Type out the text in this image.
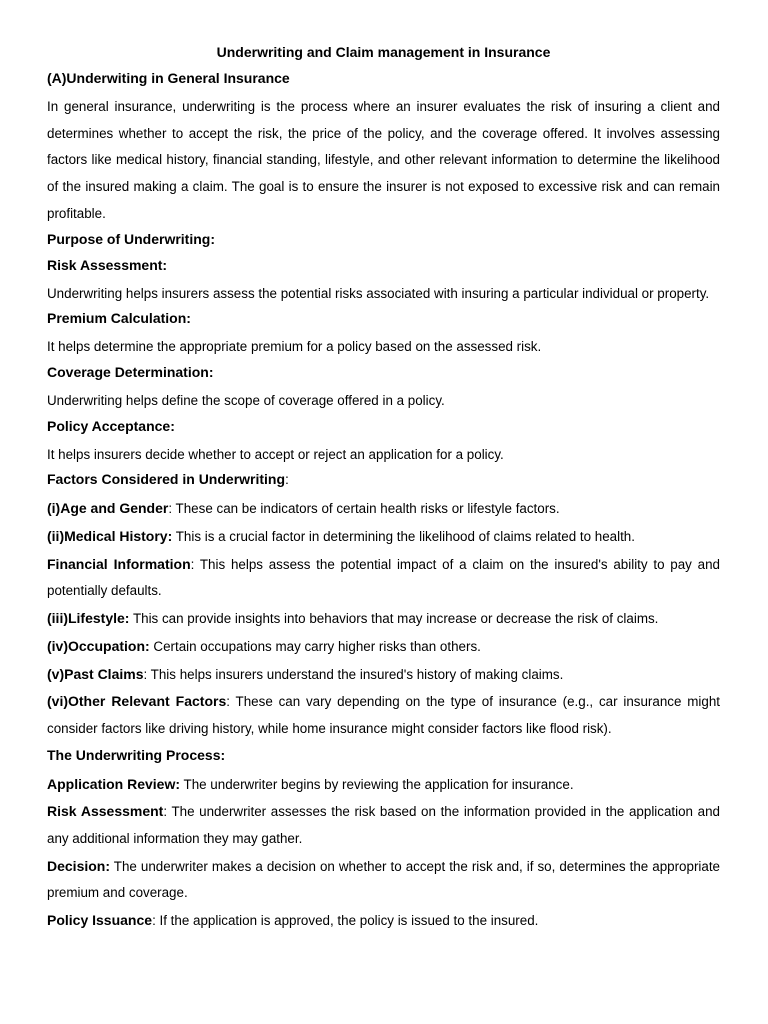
Underwriting and Claim management in Insurance
(A)Underwiting in General Insurance
In general insurance, underwriting is the process where an insurer evaluates the risk of insuring a client and determines whether to accept the risk, the price of the policy, and the coverage offered. It involves assessing factors like medical history, financial standing, lifestyle, and other relevant information to determine the likelihood of the insured making a claim. The goal is to ensure the insurer is not exposed to excessive risk and can remain profitable.
Purpose of Underwriting:
Risk Assessment:
Underwriting helps insurers assess the potential risks associated with insuring a particular individual or property.
Premium Calculation:
It helps determine the appropriate premium for a policy based on the assessed risk.
Coverage Determination:
Underwriting helps define the scope of coverage offered in a policy.
Policy Acceptance:
It helps insurers decide whether to accept or reject an application for a policy.
Factors Considered in Underwriting:
(i)Age and Gender: These can be indicators of certain health risks or lifestyle factors.
(ii)Medical History: This is a crucial factor in determining the likelihood of claims related to health.
Financial Information: This helps assess the potential impact of a claim on the insured's ability to pay and potentially defaults.
(iii)Lifestyle: This can provide insights into behaviors that may increase or decrease the risk of claims.
(iv)Occupation: Certain occupations may carry higher risks than others.
(v)Past Claims: This helps insurers understand the insured's history of making claims.
(vi)Other Relevant Factors: These can vary depending on the type of insurance (e.g., car insurance might consider factors like driving history, while home insurance might consider factors like flood risk).
The Underwriting Process:
Application Review: The underwriter begins by reviewing the application for insurance.
Risk Assessment: The underwriter assesses the risk based on the information provided in the application and any additional information they may gather.
Decision: The underwriter makes a decision on whether to accept the risk and, if so, determines the appropriate premium and coverage.
Policy Issuance: If the application is approved, the policy is issued to the insured.
